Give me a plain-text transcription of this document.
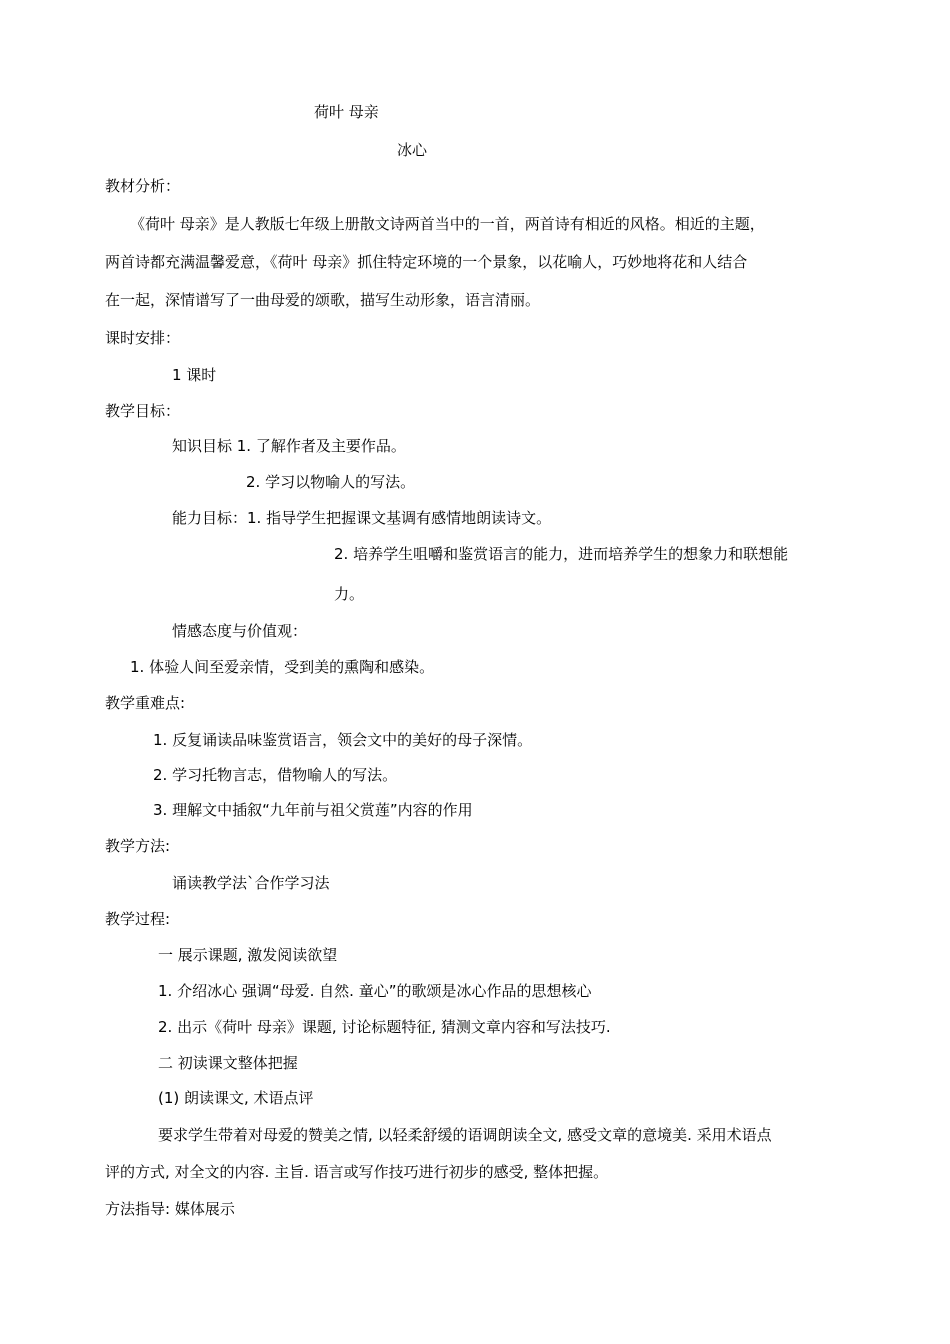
荷叶 母亲
冰心
教材分析：
《荷叶 母亲》是人教版七年级上册散文诗两首当中的一首，两首诗有相近的风格。相近的主题，
两首诗都充满温馨爱意，《荷叶 母亲》抓住特定环境的一个景象，以花喻人，巧妙地将花和人结合
在一起，深情谱写了一曲母爱的颂歌，描写生动形象，语言清丽。
课时安排：
1 课时
教学目标：
知识目标 1. 了解作者及主要作品。
2. 学习以物喻人的写法。
能力目标：1. 指导学生把握课文基调有感情地朗读诗文。
2. 培养学生咀嚼和鉴赏语言的能力，进而培养学生的想象力和联想能
力。
情感态度与价值观：
1. 体验人间至爱亲情，受到美的熏陶和感染。
教学重难点:
1. 反复诵读品味鉴赏语言，领会文中的美好的母子深情。
2. 学习托物言志，借物喻人的写法。
3. 理解文中插叙“九年前与祖父赏莲”内容的作用
教学方法:
诵读教学法`合作学习法
教学过程:
一 展示课题, 激发阅读欲望
1. 介绍冰心 强调“母爱. 自然. 童心”的歌颂是冰心作品的思想核心
2. 出示《荷叶 母亲》课题, 讨论标题特征, 猜测文章内容和写法技巧.
二 初读课文整体把握
(1) 朗读课文, 术语点评
要求学生带着对母爱的赞美之情, 以轻柔舒缓的语调朗读全文, 感受文章的意境美. 采用术语点
评的方式, 对全文的内容. 主旨. 语言或写作技巧进行初步的感受, 整体把握。
方法指导: 媒体展示
